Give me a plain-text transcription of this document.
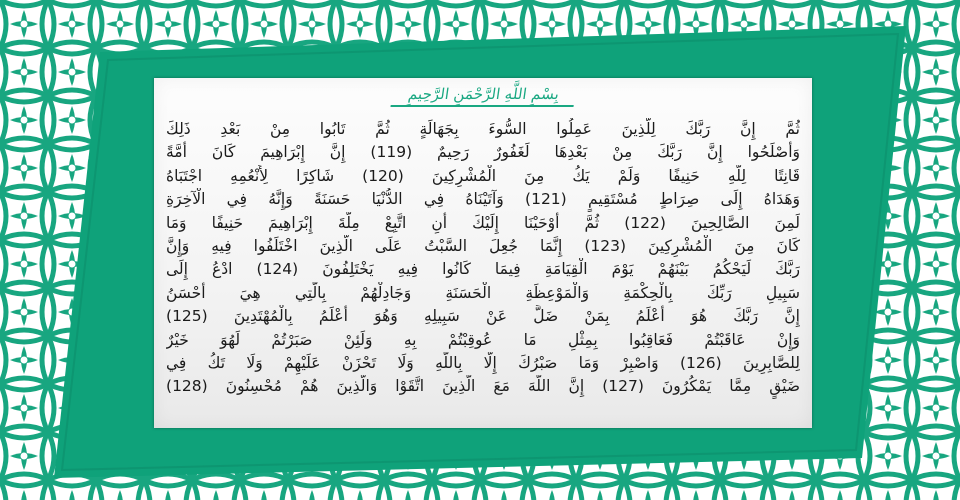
بِسْمِ اللَّهِ الرَّحْمَنِ الرَّحِيمِ
ثُمَّ إِنَّ رَبَّكَ لِلَّذِينَ عَمِلُوا السُّوءَ بِجَهَالَةٍ ثُمَّ تَابُوا مِنْ بَعْدِ ذَلِكَ
وَأَصْلَحُوا إِنَّ رَبَّكَ مِنْ بَعْدِهَا لَغَفُورٌ رَحِيمٌ (119) إِنَّ إِبْرَاهِيمَ كَانَ أُمَّةً
قَانِتًا لِلَّهِ حَنِيفًا وَلَمْ يَكُ مِنَ الْمُشْرِكِينَ (120) شَاكِرًا لِأَنْعُمِهِ اجْتَبَاهُ
وَهَدَاهُ إِلَى صِرَاطٍ مُسْتَقِيمٍ (121) وَآتَيْنَاهُ فِي الدُّنْيَا حَسَنَةً وَإِنَّهُ فِي الْآخِرَةِ
لَمِنَ الصَّالِحِينَ (122) ثُمَّ أَوْحَيْنَا إِلَيْكَ أَنِ اتَّبِعْ مِلَّةَ إِبْرَاهِيمَ حَنِيفًا وَمَا
كَانَ مِنَ الْمُشْرِكِينَ (123) إِنَّمَا جُعِلَ السَّبْتُ عَلَى الَّذِينَ اخْتَلَفُوا فِيهِ وَإِنَّ
رَبَّكَ لَيَحْكُمُ بَيْنَهُمْ يَوْمَ الْقِيَامَةِ فِيمَا كَانُوا فِيهِ يَخْتَلِفُونَ (124) ادْعُ إِلَى
سَبِيلِ رَبِّكَ بِالْحِكْمَةِ وَالْمَوْعِظَةِ الْحَسَنَةِ وَجَادِلْهُمْ بِالَّتِي هِيَ أَحْسَنُ
إِنَّ رَبَّكَ هُوَ أَعْلَمُ بِمَنْ ضَلَّ عَنْ سَبِيلِهِ وَهُوَ أَعْلَمُ بِالْمُهْتَدِينَ (125)
وَإِنْ عَاقَبْتُمْ فَعَاقِبُوا بِمِثْلِ مَا عُوقِبْتُمْ بِهِ وَلَئِنْ صَبَرْتُمْ لَهُوَ خَيْرٌ
لِلصَّابِرِينَ (126) وَاصْبِرْ وَمَا صَبْرُكَ إِلَّا بِاللَّهِ وَلَا تَحْزَنْ عَلَيْهِمْ وَلَا تَكُ فِي
ضَيْقٍ مِمَّا يَمْكُرُونَ (127) إِنَّ اللَّهَ مَعَ الَّذِينَ اتَّقَوْا وَالَّذِينَ هُمْ مُحْسِنُونَ (128)
